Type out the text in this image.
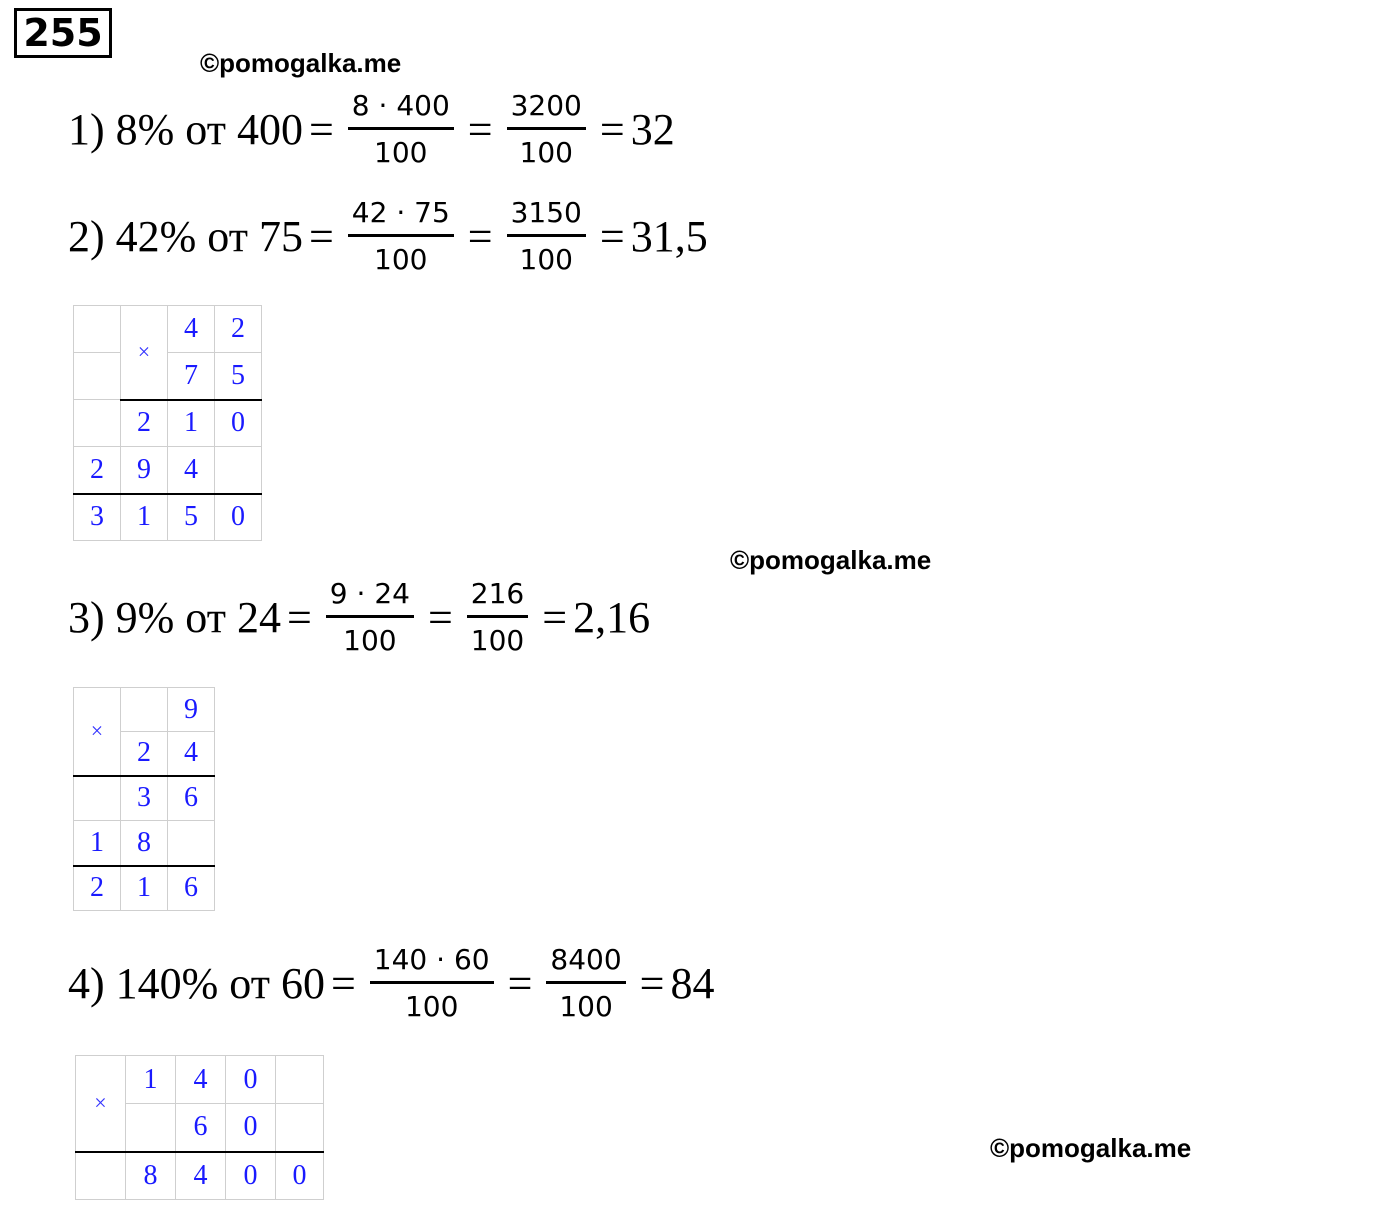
255
©pomogalka.me
©pomogalka.me
©pomogalka.me
1)
8% от $400 = \frac{8 \cdot 400}{100} = \frac{3200}{100} = 32$
2)
42% от $75 = \frac{42 \cdot 75}{100} = \frac{3150}{100} = 31,5$
	×	4	2
		7	5
	2	1	0
2	9	4	
3	1	5	0
3)
9% от $24 = \frac{9 \cdot 24}{100} = \frac{216}{100} = 2,16$
×		9
	2	4
	3	6
1	8	
2	1	6
4)
140% от $60 = \frac{140 \cdot 60}{100} = \frac{8400}{100} = 84$
×	1	4	0	
		6	0	
	8	4	0	0
